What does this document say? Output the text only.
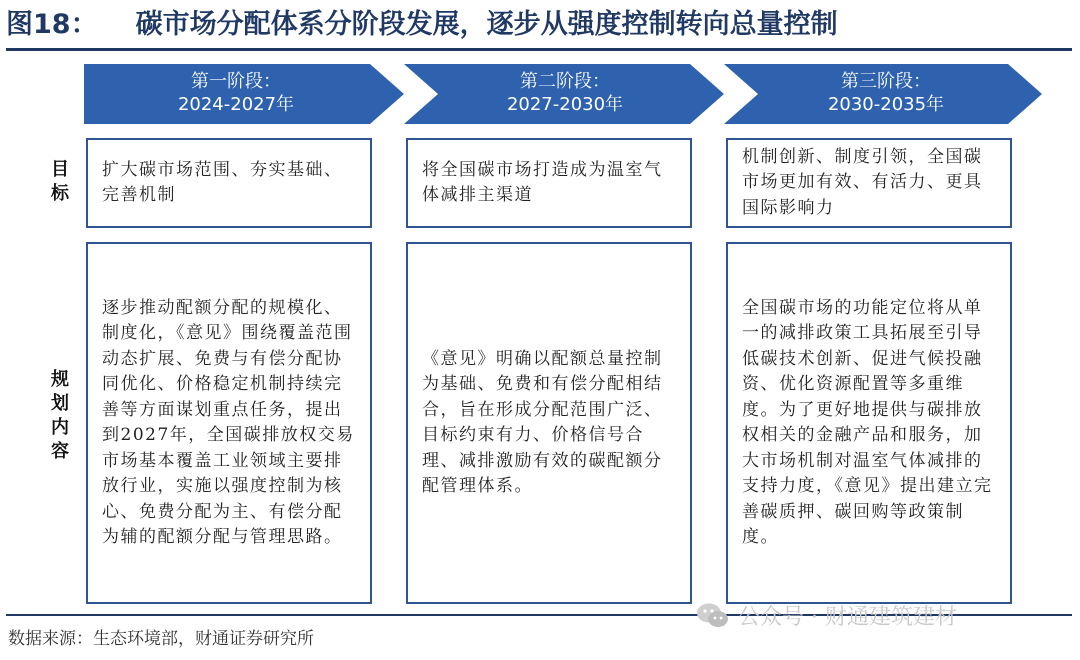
图18： 碳市场分配体系分阶段发展，逐步从强度控制转向总量控制
第一阶段：
2024-2027年
第二阶段：
2027-2030年
第三阶段：
2030-2035年
目标
规划内容
扩大碳市场范围、夯实基础、完善机制
将全国碳市场打造成为温室气体减排主渠道
机制创新、制度引领，全国碳市场更加有效、有活力、更具国际影响力
逐步推动配额分配的规模化、制度化，《意见》围绕覆盖范围动态扩展、免费与有偿分配协同优化、价格稳定机制持续完善等方面谋划重点任务，提出到2027年，全国碳排放权交易市场基本覆盖工业领域主要排放行业，实施以强度控制为核心、免费分配为主、有偿分配为辅的配额分配与管理思路。
《意见》明确以配额总量控制为基础、免费和有偿分配相结合，旨在形成分配范围广泛、目标约束有力、价格信号合理、减排激励有效的碳配额分配管理体系。
全国碳市场的功能定位将从单一的减排政策工具拓展至引导低碳技术创新、促进气候投融资、优化资源配置等多重维度。为了更好地提供与碳排放权相关的金融产品和服务，加大市场机制对温室气体减排的支持力度，《意见》提出建立完善碳质押、碳回购等政策制度。
公众号 · 财通建筑建材
数据来源：生态环境部，财通证券研究所
